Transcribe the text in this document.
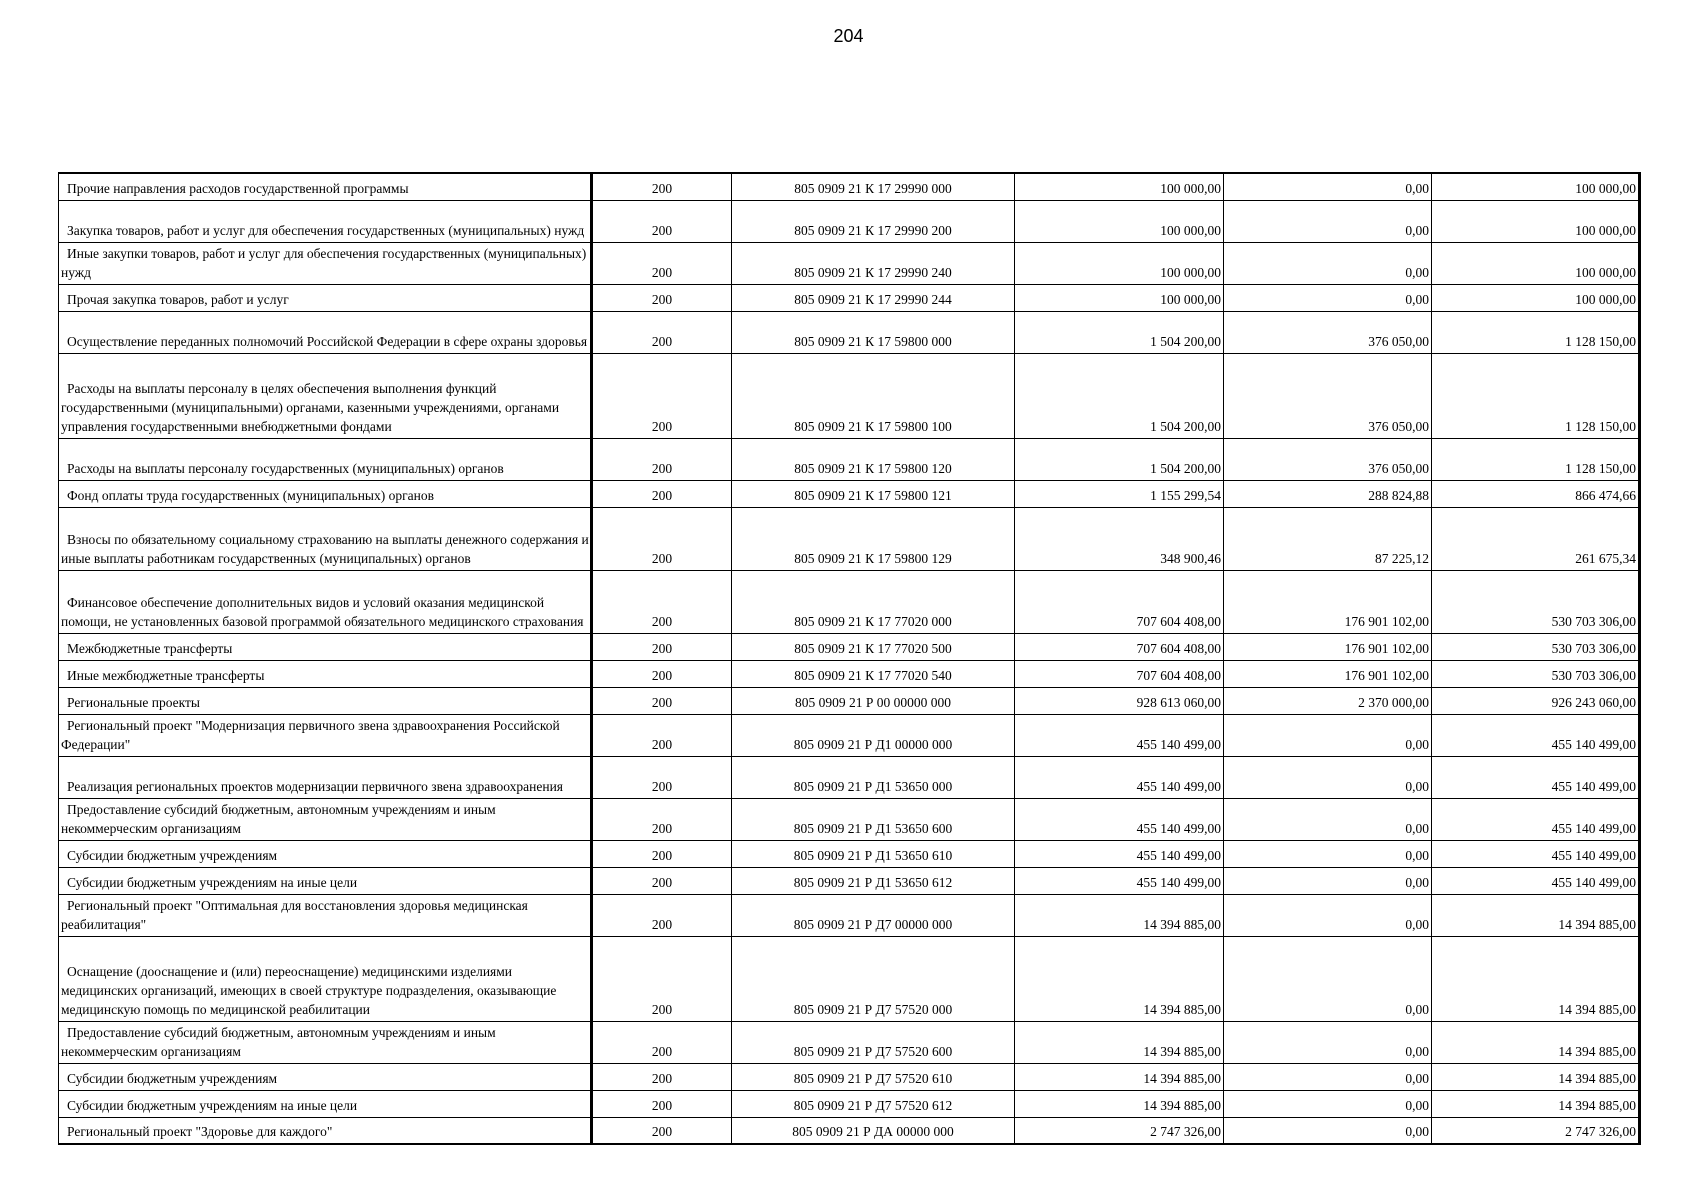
204
Прочие направления расходов государственной программы	200	805 0909 21 К 17 29990 000	100 000,00	0,00	100 000,00
Закупка товаров, работ и услуг для обеспечения государственных (муниципальных) нужд	200	805 0909 21 К 17 29990 200	100 000,00	0,00	100 000,00
Иные закупки товаров, работ и услуг для обеспечения государственных (муниципальных) нужд	200	805 0909 21 К 17 29990 240	100 000,00	0,00	100 000,00
Прочая закупка товаров, работ и услуг	200	805 0909 21 К 17 29990 244	100 000,00	0,00	100 000,00
Осуществление переданных полномочий Российской Федерации в сфере охраны здоровья	200	805 0909 21 К 17 59800 000	1 504 200,00	376 050,00	1 128 150,00
Расходы на выплаты персоналу в целях обеспечения выполнения функций государственными (муниципальными) органами, казенными учреждениями, органами управления государственными внебюджетными фондами	200	805 0909 21 К 17 59800 100	1 504 200,00	376 050,00	1 128 150,00
Расходы на выплаты персоналу государственных (муниципальных) органов	200	805 0909 21 К 17 59800 120	1 504 200,00	376 050,00	1 128 150,00
Фонд оплаты труда государственных (муниципальных) органов	200	805 0909 21 К 17 59800 121	1 155 299,54	288 824,88	866 474,66
Взносы по обязательному социальному страхованию на выплаты денежного содержания и иные выплаты работникам государственных (муниципальных) органов	200	805 0909 21 К 17 59800 129	348 900,46	87 225,12	261 675,34
Финансовое обеспечение дополнительных видов и условий оказания медицинской помощи, не установленных базовой программой обязательного медицинского страхования	200	805 0909 21 К 17 77020 000	707 604 408,00	176 901 102,00	530 703 306,00
Межбюджетные трансферты	200	805 0909 21 К 17 77020 500	707 604 408,00	176 901 102,00	530 703 306,00
Иные межбюджетные трансферты	200	805 0909 21 К 17 77020 540	707 604 408,00	176 901 102,00	530 703 306,00
Региональные проекты	200	805 0909 21 Р 00 00000 000	928 613 060,00	2 370 000,00	926 243 060,00
Региональный проект "Модернизация первичного звена здравоохранения Российской Федерации"	200	805 0909 21 Р Д1 00000 000	455 140 499,00	0,00	455 140 499,00
Реализация региональных проектов модернизации первичного звена здравоохранения	200	805 0909 21 Р Д1 53650 000	455 140 499,00	0,00	455 140 499,00
Предоставление субсидий бюджетным, автономным учреждениям и иным некоммерческим организациям	200	805 0909 21 Р Д1 53650 600	455 140 499,00	0,00	455 140 499,00
Субсидии бюджетным учреждениям	200	805 0909 21 Р Д1 53650 610	455 140 499,00	0,00	455 140 499,00
Субсидии бюджетным учреждениям на иные цели	200	805 0909 21 Р Д1 53650 612	455 140 499,00	0,00	455 140 499,00
Региональный проект "Оптимальная для восстановления здоровья медицинская реабилитация"	200	805 0909 21 Р Д7 00000 000	14 394 885,00	0,00	14 394 885,00
Оснащение (дооснащение и (или) переоснащение) медицинскими изделиями медицинских организаций, имеющих в своей структуре подразделения, оказывающие медицинскую помощь по медицинской реабилитации	200	805 0909 21 Р Д7 57520 000	14 394 885,00	0,00	14 394 885,00
Предоставление субсидий бюджетным, автономным учреждениям и иным некоммерческим организациям	200	805 0909 21 Р Д7 57520 600	14 394 885,00	0,00	14 394 885,00
Субсидии бюджетным учреждениям	200	805 0909 21 Р Д7 57520 610	14 394 885,00	0,00	14 394 885,00
Субсидии бюджетным учреждениям на иные цели	200	805 0909 21 Р Д7 57520 612	14 394 885,00	0,00	14 394 885,00
Региональный проект "Здоровье для каждого"	200	805 0909 21 Р ДА 00000 000	2 747 326,00	0,00	2 747 326,00
